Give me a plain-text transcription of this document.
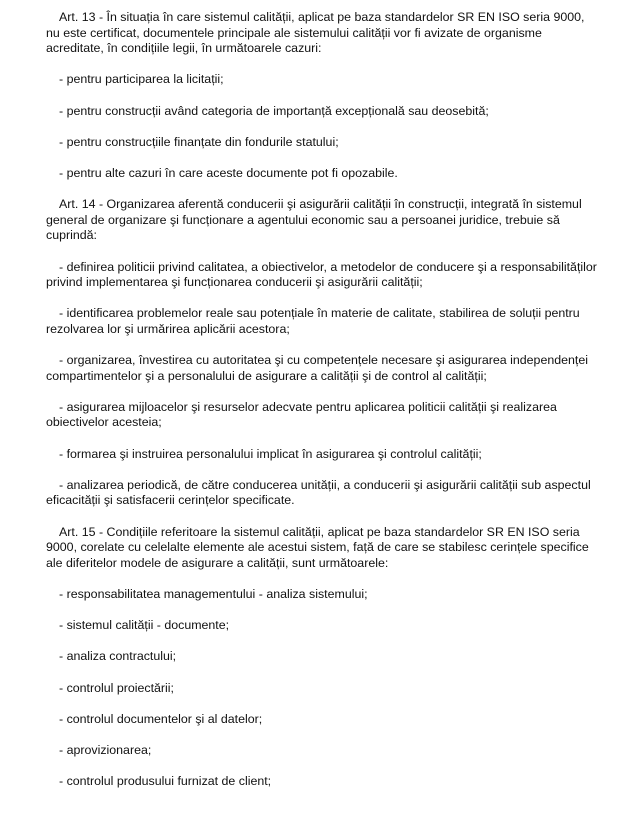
Art. 13 - În situația în care sistemul calității, aplicat pe baza standardelor SR EN ISO seria 9000, nu este certificat, documentele principale ale sistemului calității vor fi avizate de organisme acreditate, în condițiile legii, în următoarele cazuri:

- pentru participarea la licitații;

- pentru construcții având categoria de importanță excepțională sau deosebită;

- pentru construcțiile finanțate din fondurile statului;

- pentru alte cazuri în care aceste documente pot fi opozabile.

Art. 14 - Organizarea aferentă conducerii şi asigurării calității în construcții, integrată în sistemul general de organizare şi funcționare a agentului economic sau a persoanei juridice, trebuie să cuprindă:

- definirea politicii privind calitatea, a obiectivelor, a metodelor de conducere şi a responsabilităților privind implementarea şi funcționarea conducerii şi asigurării calității;

- identificarea problemelor reale sau potențiale în materie de calitate, stabilirea de soluții pentru rezolvarea lor şi urmărirea aplicării acestora;

- organizarea, învestirea cu autoritatea şi cu competențele necesare şi asigurarea independenței compartimentelor şi a personalului de asigurare a calității şi de control al calității;

- asigurarea mijloacelor şi resurselor adecvate pentru aplicarea politicii calității şi realizarea obiectivelor acesteia;

- formarea şi instruirea personalului implicat în asigurarea şi controlul calității;

- analizarea periodică, de către conducerea unității, a conducerii şi asigurării calității sub aspectul eficacității şi satisfacerii cerințelor specificate.

Art. 15 - Condițiile referitoare la sistemul calității, aplicat pe baza standardelor SR EN ISO seria 9000, corelate cu celelalte elemente ale acestui sistem, față de care se stabilesc cerințele specifice ale diferitelor modele de asigurare a calității, sunt următoarele:

- responsabilitatea managementului - analiza sistemului;

- sistemul calității - documente;

- analiza contractului;

- controlul proiectării;

- controlul documentelor şi al datelor;

- aprovizionarea;

- controlul produsului furnizat de client;
